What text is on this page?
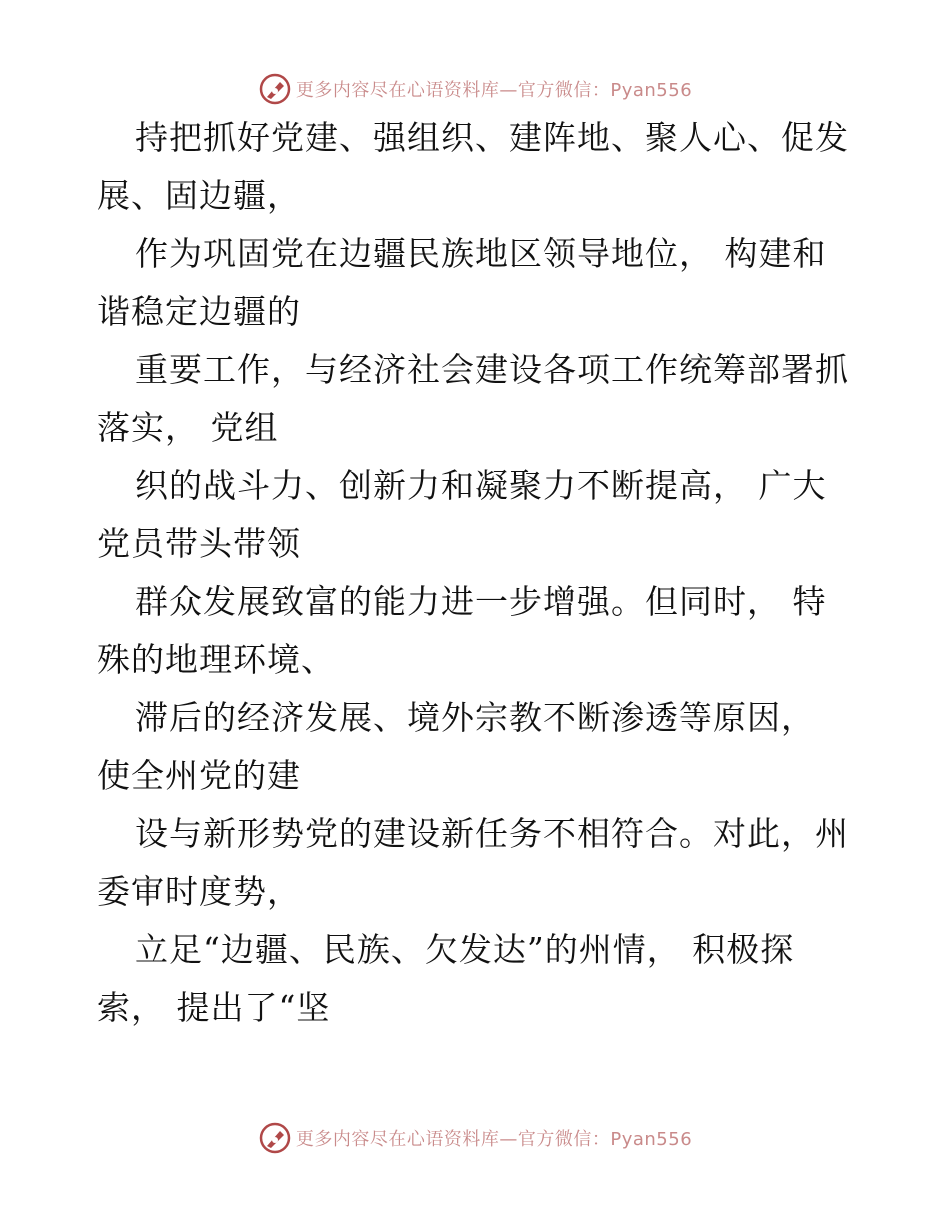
更多内容尽在心语资料库—官方微信：Pyan556
持把抓好党建、强组织、建阵地、聚人心、促发
展、固边疆，
作为巩固党在边疆民族地区领导地位， 构建和
谐稳定边疆的
重要工作，与经济社会建设各项工作统筹部署抓
落实， 党组
织的战斗力、创新力和凝聚力不断提高， 广大
党员带头带领
群众发展致富的能力进一步增强。但同时， 特
殊的地理环境、
滞后的经济发展、境外宗教不断渗透等原因，
使全州党的建
设与新形势党的建设新任务不相符合。对此，州
委审时度势，
立足“边疆、民族、欠发达”的州情， 积极探
索， 提出了“坚
更多内容尽在心语资料库—官方微信：Pyan556
